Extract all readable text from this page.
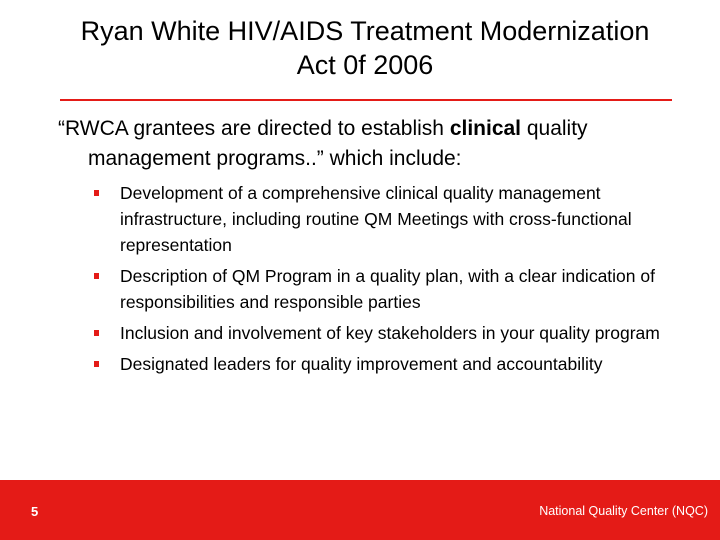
Ryan White HIV/AIDS Treatment Modernization
Act 0f 2006
“RWCA grantees are directed to establish clinical quality
management programs..” which include:
Development of a comprehensive clinical quality management infrastructure, including routine QM Meetings with cross-functional representation
Description of QM Program in a quality plan, with a clear indication of responsibilities and responsible parties
Inclusion and involvement of key stakeholders in your quality program
Designated leaders for quality improvement and accountability
5	National Quality Center (NQC)
